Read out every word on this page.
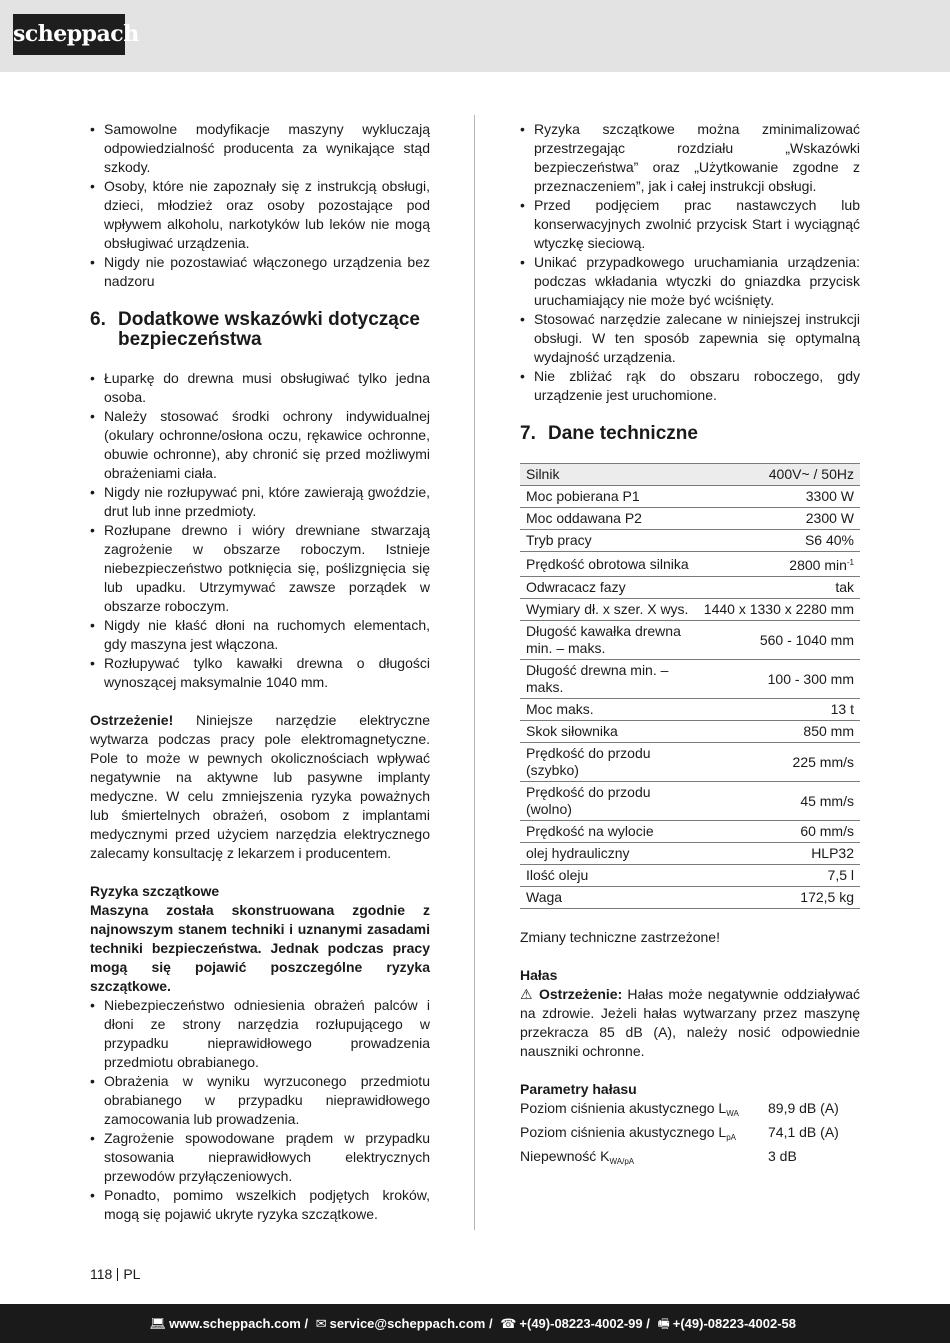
scheppach
• Samowolne modyfikacje maszyny wykluczają odpowiedzialność producenta za wynikające stąd szkody.
• Osoby, które nie zapoznały się z instrukcją obsługi, dzieci, młodzież oraz osoby pozostające pod wpływem alkoholu, narkotyków lub leków nie mogą obsługiwać urządzenia.
• Nigdy nie pozostawiać włączonego urządzenia bez nadzoru
6. Dodatkowe wskazówki dotyczące bezpieczeństwa
• Łuparkę do drewna musi obsługiwać tylko jedna osoba.
• Należy stosować środki ochrony indywidualnej (okulary ochronne/osłona oczu, rękawice ochronne, obuwie ochronne), aby chronić się przed możliwymi obrażeniami ciała.
• Nigdy nie rozłupywać pni, które zawierają gwoździe, drut lub inne przedmioty.
• Rozłupane drewno i wióry drewniane stwarzają zagrożenie w obszarze roboczym. Istnieje niebezpieczeństwo potknięcia się, poślizgnięcia się lub upadku. Utrzymywać zawsze porządek w obszarze roboczym.
• Nigdy nie kłaść dłoni na ruchomych elementach, gdy maszyna jest włączona.
• Rozłupywać tylko kawałki drewna o długości wynoszącej maksymalnie 1040 mm.

Ostrzeżenie! Niniejsze narzędzie elektryczne wytwarza podczas pracy pole elektromagnetyczne. Pole to może w pewnych okolicznościach wpływać negatywnie na aktywne lub pasywne implanty medyczne. W celu zmniejszenia ryzyka poważnych lub śmiertelnych obrażeń, osobom z implantami medycznymi przed użyciem narzędzia elektrycznego zalecamy konsultację z lekarzem i producentem.

Ryzyka szczątkowe

Maszyna została skonstruowana zgodnie z najnowszym stanem techniki i uznanymi zasadami techniki bezpieczeństwa. Jednak podczas pracy mogą się pojawić poszczególne ryzyka szczątkowe.

• Niebezpieczeństwo odniesienia obrażeń palców i dłoni ze strony narzędzia rozłupującego w przypadku nieprawidłowego prowadzenia przedmiotu obrabianego.
• Obrażenia w wyniku wyrzuconego przedmiotu obrabianego w przypadku nieprawidłowego zamocowania lub prowadzenia.
• Zagrożenie spowodowane prądem w przypadku stosowania nieprawidłowych elektrycznych przewodów przyłączeniowych.
• Ponadto, pomimo wszelkich podjętych kroków, mogą się pojawić ukryte ryzyka szczątkowe.
• Ryzyka szczątkowe można zminimalizować przestrzegając rozdziału „Wskazówki bezpieczeństwa” oraz „Użytkowanie zgodne z przeznaczeniem”, jak i całej instrukcji obsługi.
• Przed podjęciem prac nastawczych lub konserwacyjnych zwolnić przycisk Start i wyciągnąć wtyczkę sieciową.
• Unikać przypadkowego uruchamiania urządzenia: podczas wkładania wtyczki do gniazdka przycisk uruchamiający nie może być wciśnięty.
• Stosować narzędzie zalecane w niniejszej instrukcji obsługi. W ten sposób zapewnia się optymalną wydajność urządzenia.
• Nie zbliżać rąk do obszaru roboczego, gdy urządzenie jest uruchomione.
7. Dane techniczne
Silnik	400V~ / 50Hz
Moc pobierana P1	3300 W
Moc oddawana P2	2300 W
Tryb pracy	S6 40%
Prędkość obrotowa silnika	2800 $\min^{-1}$
Odwracacz fazy	tak
Wymiary dł. x szer. X wys.	1440 x 1330 x 2280 mm
Długość kawałka drewna min. – maks.	560 - 1040 mm
Długość drewna min. – maks.	100 - 300 mm
Moc maks.	13 t
Skok siłownika	850 mm
Prędkość do przodu (szybko)	225 mm/s
Prędkość do przodu (wolno)	45 mm/s
Prędkość na wylocie	60 mm/s
olej hydrauliczny	HLP32
Ilość oleju	7,5 l
Waga	172,5 kg

Zmiany techniczne zastrzeżone!

Hałas

⚠ Ostrzeżenie: Hałas może negatywnie oddziaływać na zdrowie. Jeżeli hałas wytwarzany przez maszynę przekracza 85 dB (A), należy nosić odpowiednie nauszniki ochronne.

Parametry hałasu

Poziom ciśnienia akustycznego $L_{WA}$	89,9 dB (A)
Poziom ciśnienia akustycznego $L_{pA}$	74,1 dB (A)
Niepewność $K_{WA/pA}$	3 dB
118 PL
💻︎ www.scheppach.com / ✉︎ service@scheppach.com / ☎︎ +(49)-08223-4002-99 / 🖷︎ +(49)-08223-4002-58
